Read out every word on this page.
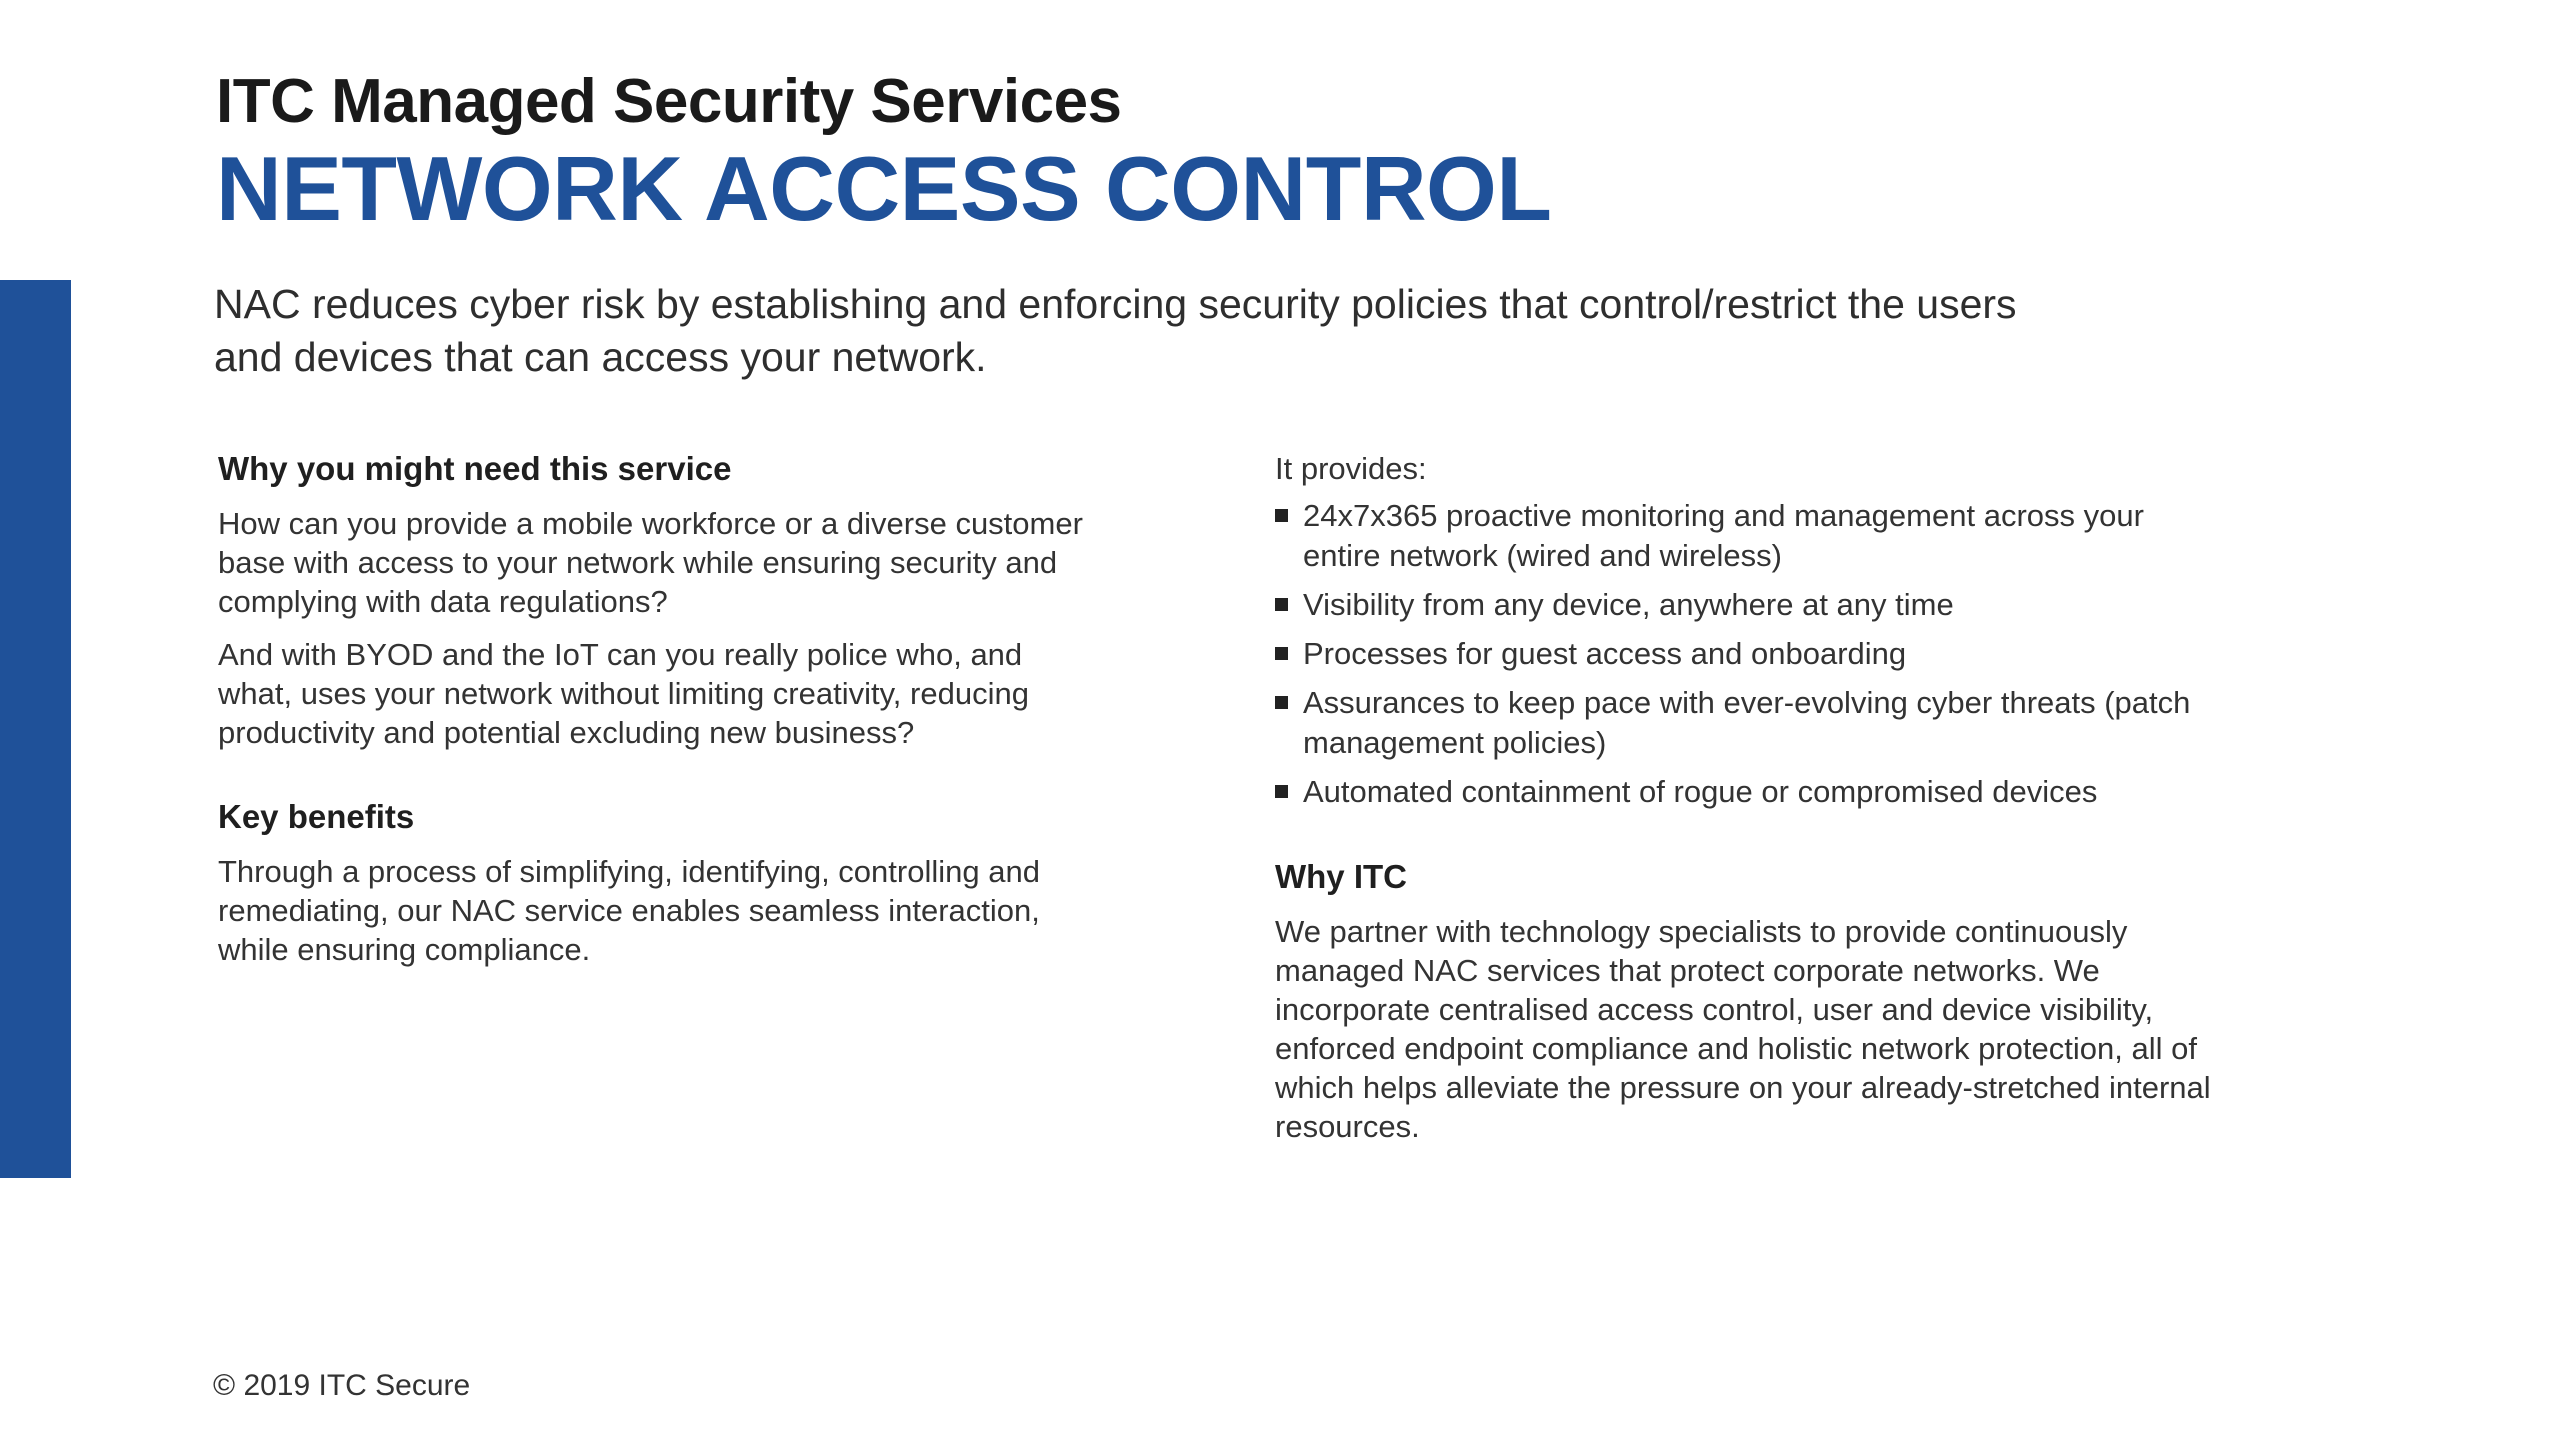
ITC Managed Security Services
NETWORK ACCESS CONTROL
NAC reduces cyber risk by establishing and enforcing security policies that control/restrict the users and devices that can access your network.
Why you might need this service
How can you provide a mobile workforce or a diverse customer base with access to your network while ensuring security and complying with data regulations?
And with BYOD and the IoT can you really police who, and what, uses your network without limiting creativity, reducing productivity and potential excluding new business?
Key benefits
Through a process of simplifying, identifying, controlling and remediating, our NAC service enables seamless interaction, while ensuring compliance.
It provides:
24x7x365 proactive monitoring and management across your entire network (wired and wireless)
Visibility from any device, anywhere at any time
Processes for guest access and onboarding
Assurances to keep pace with ever-evolving cyber threats (patch management policies)
Automated containment of rogue or compromised devices
Why ITC
We partner with technology specialists to provide continuously managed NAC services that protect corporate networks. We incorporate centralised access control, user and device visibility, enforced endpoint compliance and holistic network protection, all of which helps alleviate the pressure on your already-stretched internal resources.
© 2019 ITC Secure
